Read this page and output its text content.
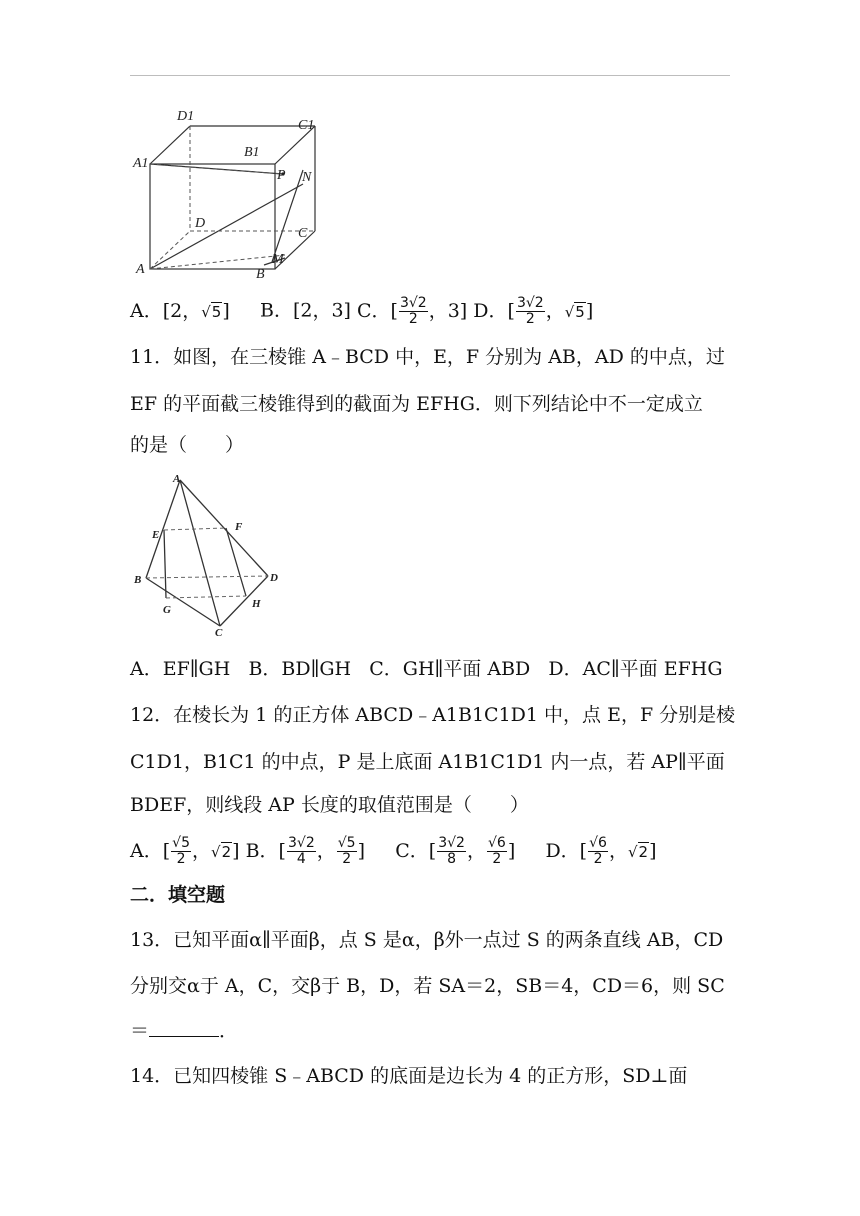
D1
C1
A1
B1
P N
D
C
A	B
M
A．[2，√5] B．[2，3] C．[ $\frac{3√2}{2}$ ，3] D．[ $\frac{3√2}{2}$ ，√5]
11．如图，在三棱锥 A﹣BCD 中，E，F 分别为 AB，AD 的中点，过
EF 的平面截三棱锥得到的截面为 EFHG．则下列结论中不一定成立
的是（　　）
A
E
F
B	D
G	H
C
A．EF∥GH B．BD∥GH C．GH∥平面 ABD D．AC∥平面 EFHG
12．在棱长为 1 的正方体 ABCD﹣A1B1C1D1 中，点 E，F 分别是棱
C1D1，B1C1 的中点，P 是上底面 A1B1C1D1 内一点，若 AP∥平面
BDEF，则线段 AP 长度的取值范围是（　　）
A．[ $\frac{√5}{2}$ ，√2] B．[ $\frac{3√2}{4}$ ， $\frac{√5}{2}$ ] C．[ $\frac{3√2}{8}$ ， $\frac{√6}{2}$ ] D．[ $\frac{√6}{2}$ ，√2]
二．填空题
13．已知平面α∥平面β，点 S 是α，β外一点过 S 的两条直线 AB，CD
分别交α于 A，C，交β于 B，D，若 SA＝2，SB＝4，CD＝6，则 SC
＝	．
14．已知四棱锥 S﹣ABCD 的底面是边长为 4 的正方形，SD⊥面
